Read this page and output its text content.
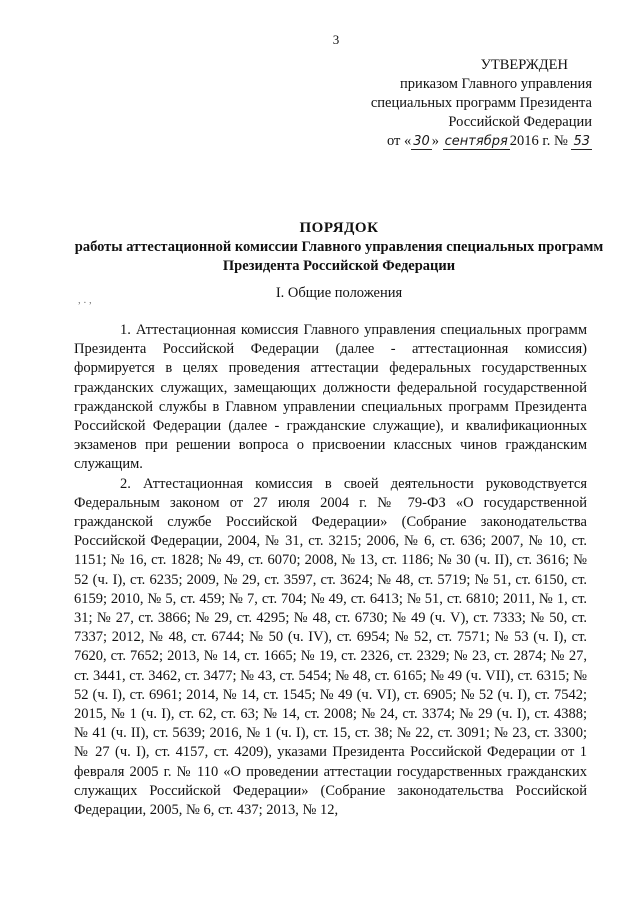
3
УТВЕРЖДЕН
приказом Главного управления
специальных программ Президента
Российской Федерации
от « 30 » сентября 2016 г. № 53
ПОРЯДОК
работы аттестационной комиссии Главного управления специальных программ Президента Российской Федерации
, . ,	I. Общие положения

1. Аттестационная комиссия Главного управления специальных программ Президента Российской Федерации (далее - аттестационная комиссия) формируется в целях проведения аттестации федеральных государственных гражданских служащих, замещающих должности федеральной государственной гражданской службы в Главном управлении специальных программ Президента Российской Федерации (далее - гражданские служащие), и квалификационных экзаменов при решении вопроса о присвоении классных чинов гражданским служащим.

2. Аттестационная комиссия в своей деятельности руководствуется Федеральным законом от 27 июля 2004 г. № 79-ФЗ «О государственной гражданской службе Российской Федерации» (Собрание законодательства Российской Федерации, 2004, № 31, ст. 3215; 2006, № 6, ст. 636; 2007, № 10, ст. 1151; № 16, ст. 1828; № 49, ст. 6070; 2008, № 13, ст. 1186; № 30 (ч. II), ст. 3616; № 52 (ч. I), ст. 6235; 2009, № 29, ст. 3597, ст. 3624; № 48, ст. 5719; № 51, ст. 6150, ст. 6159; 2010, № 5, ст. 459; № 7, ст. 704; № 49, ст. 6413; № 51, ст. 6810; 2011, № 1, ст. 31; № 27, ст. 3866; № 29, ст. 4295; № 48, ст. 6730; № 49 (ч. V), ст. 7333; № 50, ст. 7337; 2012, № 48, ст. 6744; № 50 (ч. IV), ст. 6954; № 52, ст. 7571; № 53 (ч. I), ст. 7620, ст. 7652; 2013, № 14, ст. 1665; № 19, ст. 2326, ст. 2329; № 23, ст. 2874; № 27, ст. 3441, ст. 3462, ст. 3477; № 43, ст. 5454; № 48, ст. 6165; № 49 (ч. VII), ст. 6315; № 52 (ч. I), ст. 6961; 2014, № 14, ст. 1545; № 49 (ч. VI), ст. 6905; № 52 (ч. I), ст. 7542; 2015, № 1 (ч. I), ст. 62, ст. 63; № 14, ст. 2008; № 24, ст. 3374; № 29 (ч. I), ст. 4388; № 41 (ч. II), ст. 5639; 2016, № 1 (ч. I), ст. 15, ст. 38; № 22, ст. 3091; № 23, ст. 3300; № 27 (ч. I), ст. 4157, ст. 4209), указами Президента Российской Федерации от 1 февраля 2005 г. № 110 «О проведении аттестации государственных гражданских служащих Российской Федерации» (Собрание законодательства Российской Федерации, 2005, № 6, ст. 437; 2013, № 12,
